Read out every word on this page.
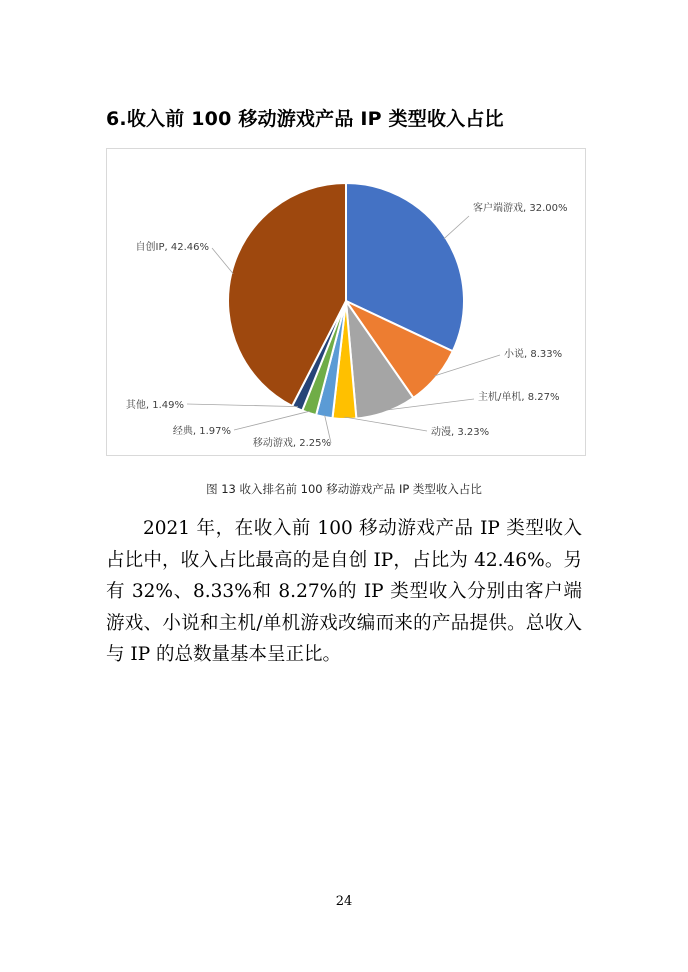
6.收入前 100 移动游戏产品 IP 类型收入占比
客户端游戏, 32.00%
小说, 8.33%
主机/单机, 8.27%
动漫, 3.23%
移动游戏, 2.25%
经典, 1.97%
其他, 1.49%
自创IP, 42.46%
图 13 收入排名前 100 移动游戏产品 IP 类型收入占比

2021 年，在收入前 100 移动游戏产品 IP 类型收入占比中，收入占比最高的是自创 IP，占比为 42.46%。另有 32%、8.33%和 8.27%的 IP 类型收入分别由客户端游戏、小说和主机/单机游戏改编而来的产品提供。总收入与 IP 的总数量基本呈正比。

24
